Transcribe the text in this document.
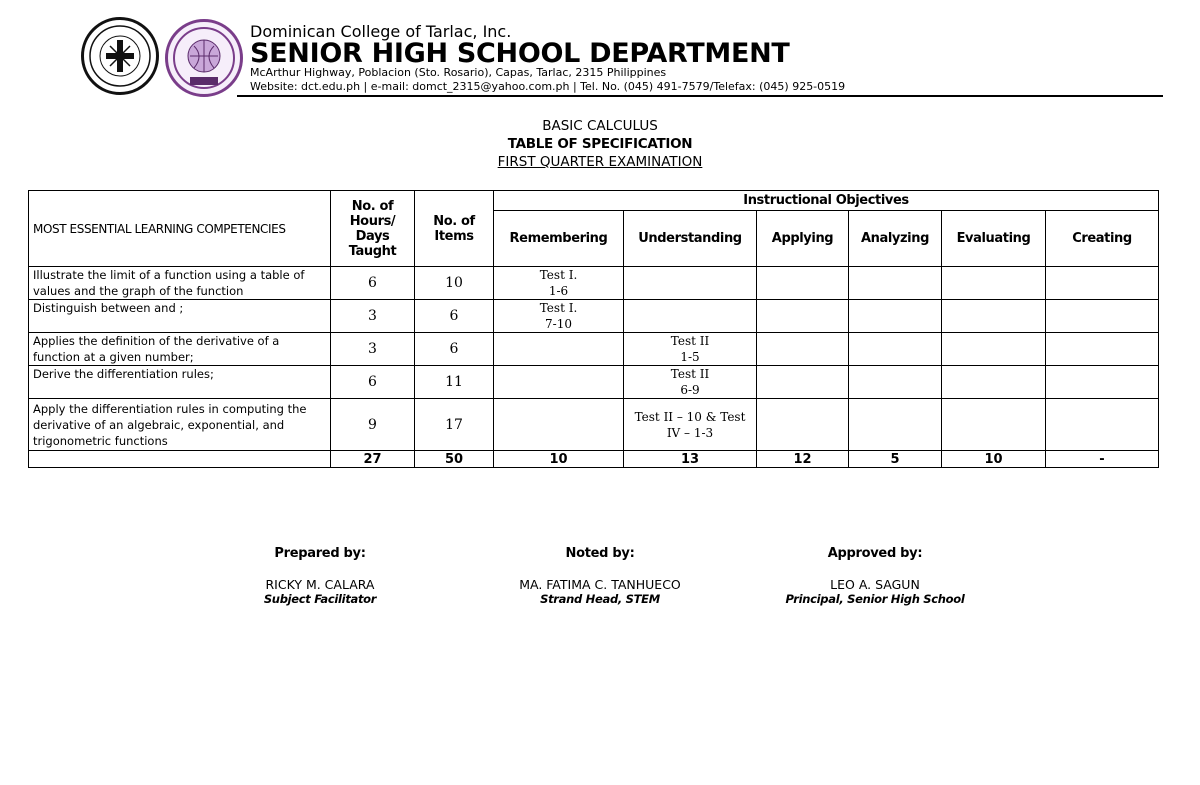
Dominican College of Tarlac, Inc.
SENIOR HIGH SCHOOL DEPARTMENT
McArthur Highway, Poblacion (Sto. Rosario), Capas, Tarlac, 2315 Philippines
Website: dct.edu.ph | e-mail: domct_2315@yahoo.com.ph | Tel. No. (045) 491-7579/Telefax: (045) 925-0519
BASIC CALCULUS
TABLE OF SPECIFICATION
FIRST QUARTER EXAMINATION
MOST ESSENTIAL LEARNING COMPETENCIES	No. of Hours/ Days Taught	No. of Items	Instructional Objectives					
			Remembering	Understanding	Applying	Analyzing	Evaluating	Creating
Illustrate the limit of a function using a table of values and the graph of the function	6	10	Test I.
1-6					
Distinguish between and ;	3	6	Test I.
7-10					
Applies the definition of the derivative of a function at a given number;	3	6		Test II
1-5				
Derive the differentiation rules;	6	11		Test II
6-9				
Apply the differentiation rules in computing the derivative of an algebraic, exponential, and trigonometric functions	9	17		Test II – 10 & Test
IV – 1-3				
	27	50	10	13	12	5	10	-
Prepared by:
RICKY M. CALARA
Subject Facilitator
Noted by:
MA. FATIMA C. TANHUECO
Strand Head, STEM
Approved by:
LEO A. SAGUN
Principal, Senior High School
